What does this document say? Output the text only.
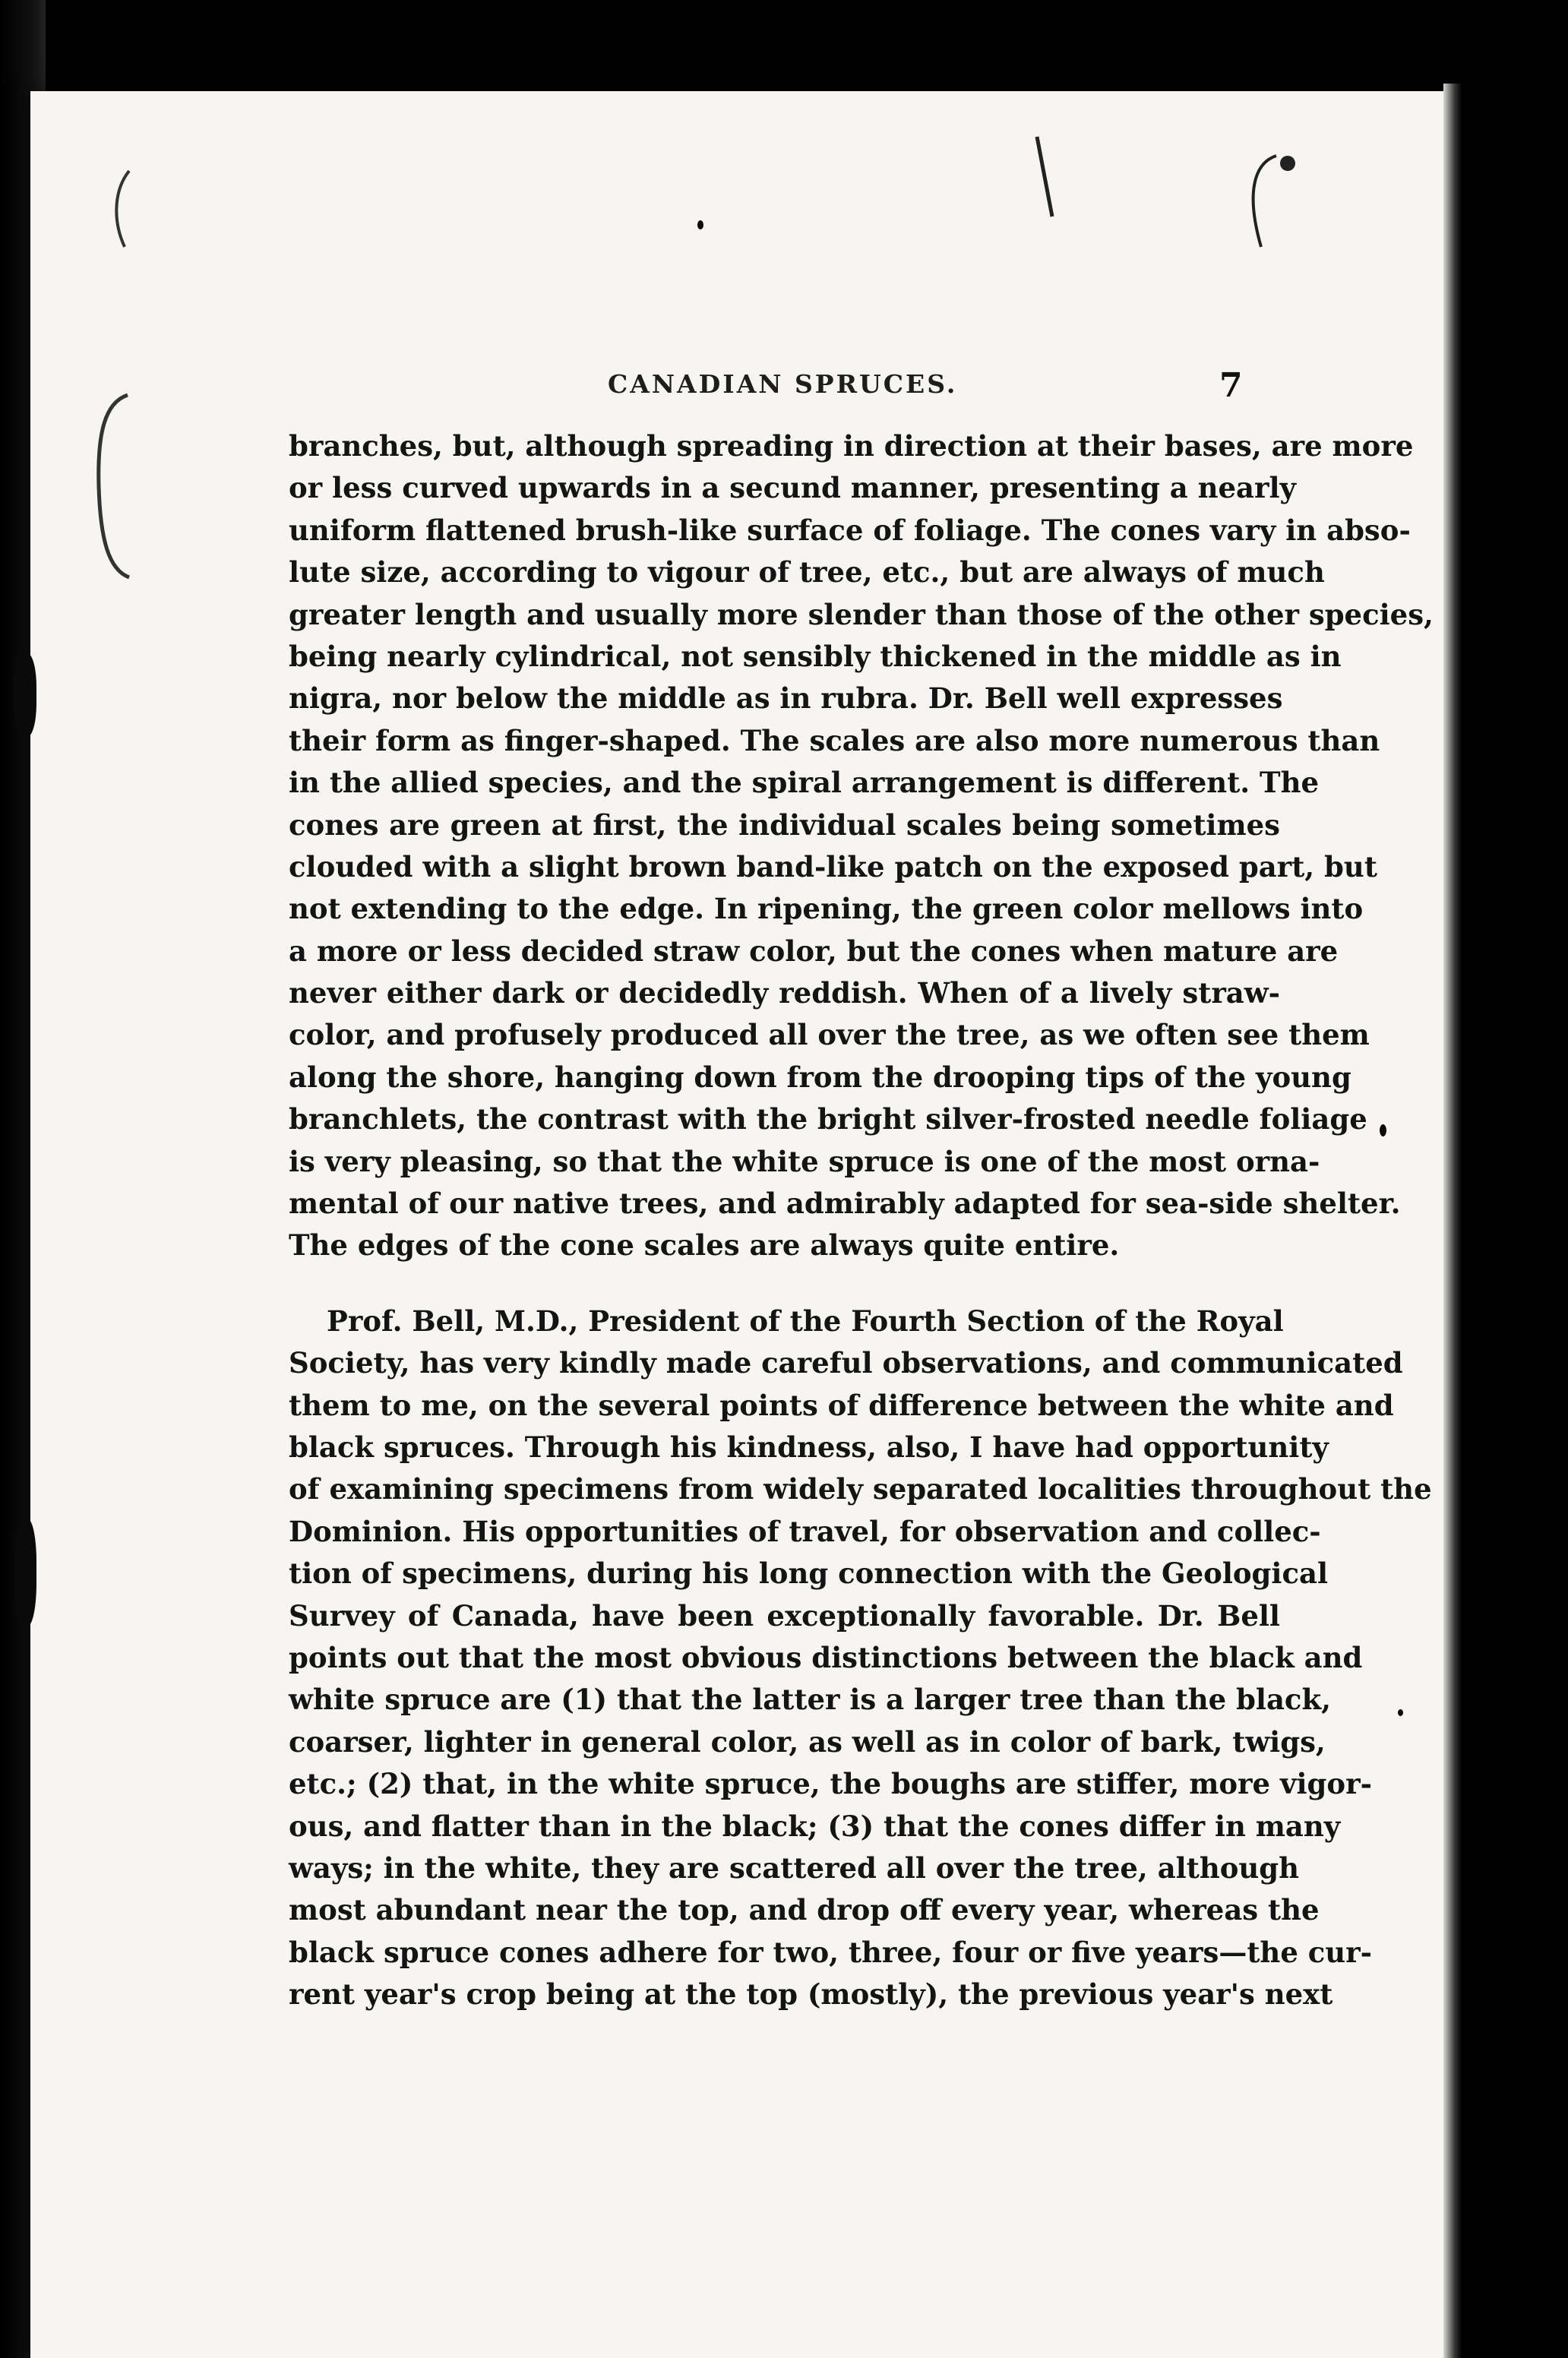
CANADIAN SPRUCES.	7
branches, but, although spreading in direction at their bases, are more
or less curved upwards in a secund manner, presenting a nearly
uniform flattened brush-like surface of foliage. The cones vary in abso-
lute size, according to vigour of tree, etc., but are always of much
greater length and usually more slender than those of the other species,
being nearly cylindrical, not sensibly thickened in the middle as in
nigra, nor below the middle as in rubra. Dr. Bell well expresses
their form as finger-shaped. The scales are also more numerous than
in the allied species, and the spiral arrangement is different. The
cones are green at first, the individual scales being sometimes
clouded with a slight brown band-like patch on the exposed part, but
not extending to the edge. In ripening, the green color mellows into
a more or less decided straw color, but the cones when mature are
never either dark or decidedly reddish. When of a lively straw-
color, and profusely produced all over the tree, as we often see them
along the shore, hanging down from the drooping tips of the young
branchlets, the contrast with the bright silver-frosted needle foliage
is very pleasing, so that the white spruce is one of the most orna-
mental of our native trees, and admirably adapted for sea-side shelter.
The edges of the cone scales are always quite entire.
Prof. Bell, M.D., President of the Fourth Section of the Royal
Society, has very kindly made careful observations, and communicated
them to me, on the several points of difference between the white and
black spruces. Through his kindness, also, I have had opportunity
of examining specimens from widely separated localities throughout the
Dominion. His opportunities of travel, for observation and collec-
tion of specimens, during his long connection with the Geological
Survey of Canada, have been exceptionally favorable. Dr. Bell
points out that the most obvious distinctions between the black and
white spruce are (1) that the latter is a larger tree than the black,
coarser, lighter in general color, as well as in color of bark, twigs,
etc.; (2) that, in the white spruce, the boughs are stiffer, more vigor-
ous, and flatter than in the black; (3) that the cones differ in many
ways; in the white, they are scattered all over the tree, although
most abundant near the top, and drop off every year, whereas the
black spruce cones adhere for two, three, four or five years—the cur-
rent year's crop being at the top (mostly), the previous year's next
